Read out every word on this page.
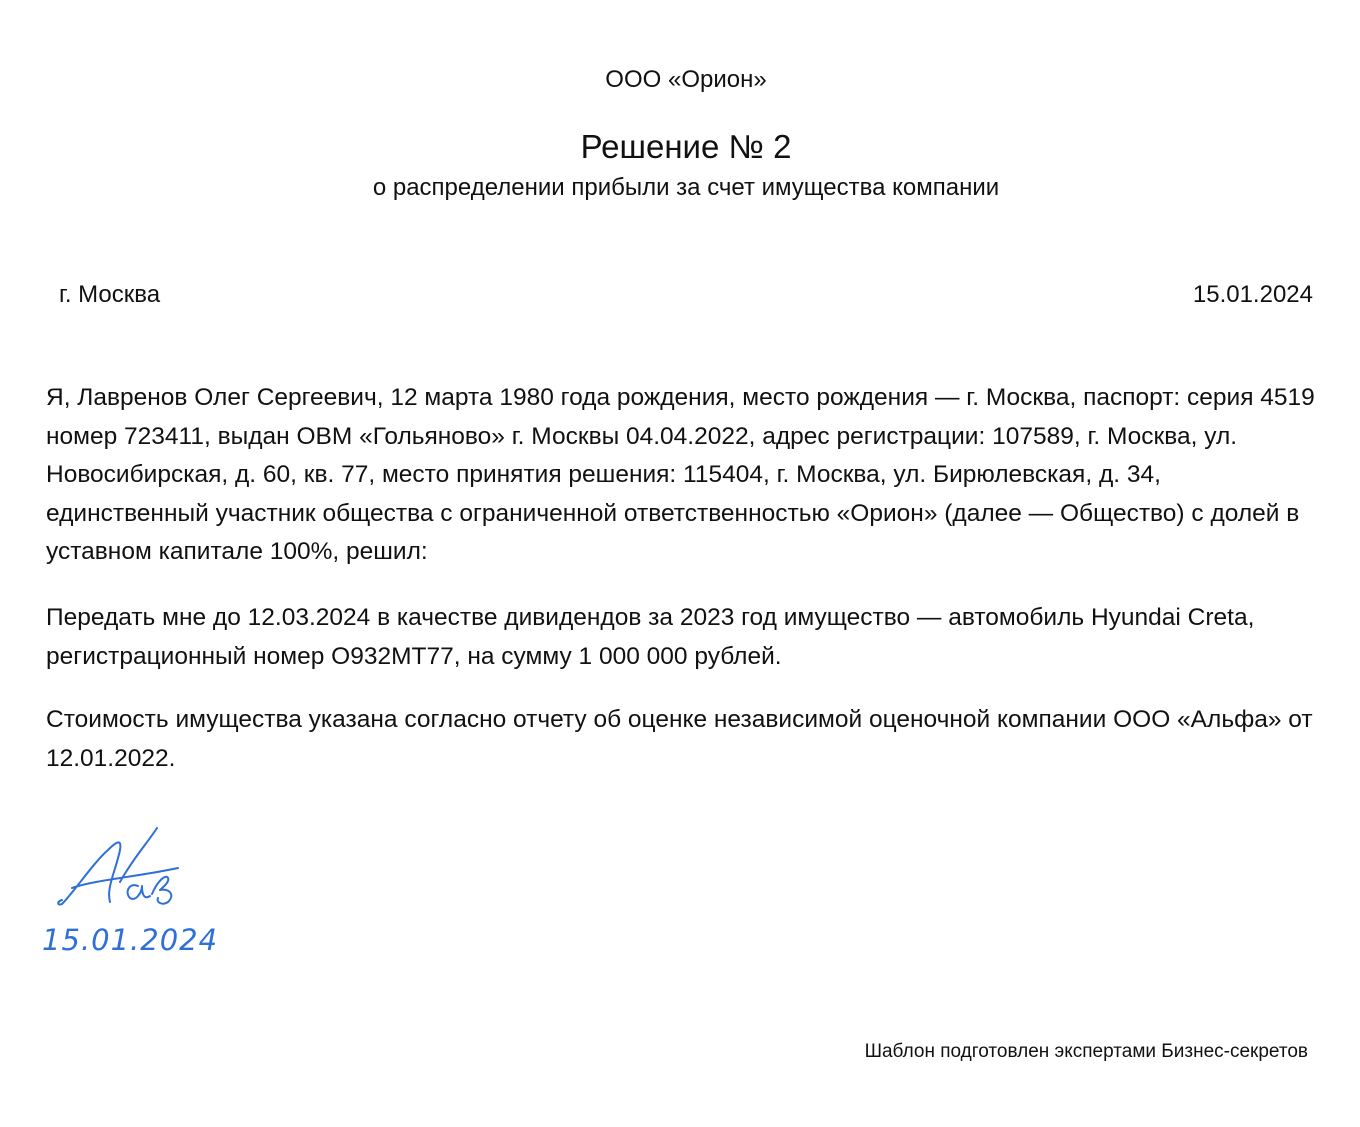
ООО «Орион»
Решение № 2
о распределении прибыли за счет имущества компании
г. Москва	15.01.2024

Я, Лавренов Олег Сергеевич, 12 марта 1980 года рождения, место рождения — г. Москва, паспорт: серия 4519 номер 723411, выдан ОВМ «Гольяново» г. Москвы 04.04.2022, адрес регистрации: 107589, г. Москва, ул. Новосибирская, д. 60, кв. 77, место принятия решения: 115404, г. Москва, ул. Бирюлевская, д. 34, единственный участник общества с ограниченной ответственностью «Орион» (далее — Общество) с долей в уставном капитале 100%, решил:

Передать мне до 12.03.2024 в качестве дивидендов за 2023 год имущество — автомобиль Hyundai Creta, регистрационный номер О932МТ77, на сумму 1 000 000 рублей.

Стоимость имущества указана согласно отчету об оценке независимой оценочной компании ООО «Альфа» от 12.01.2022.

15.01.2024
Шаблон подготовлен экспертами Бизнес-секретов
